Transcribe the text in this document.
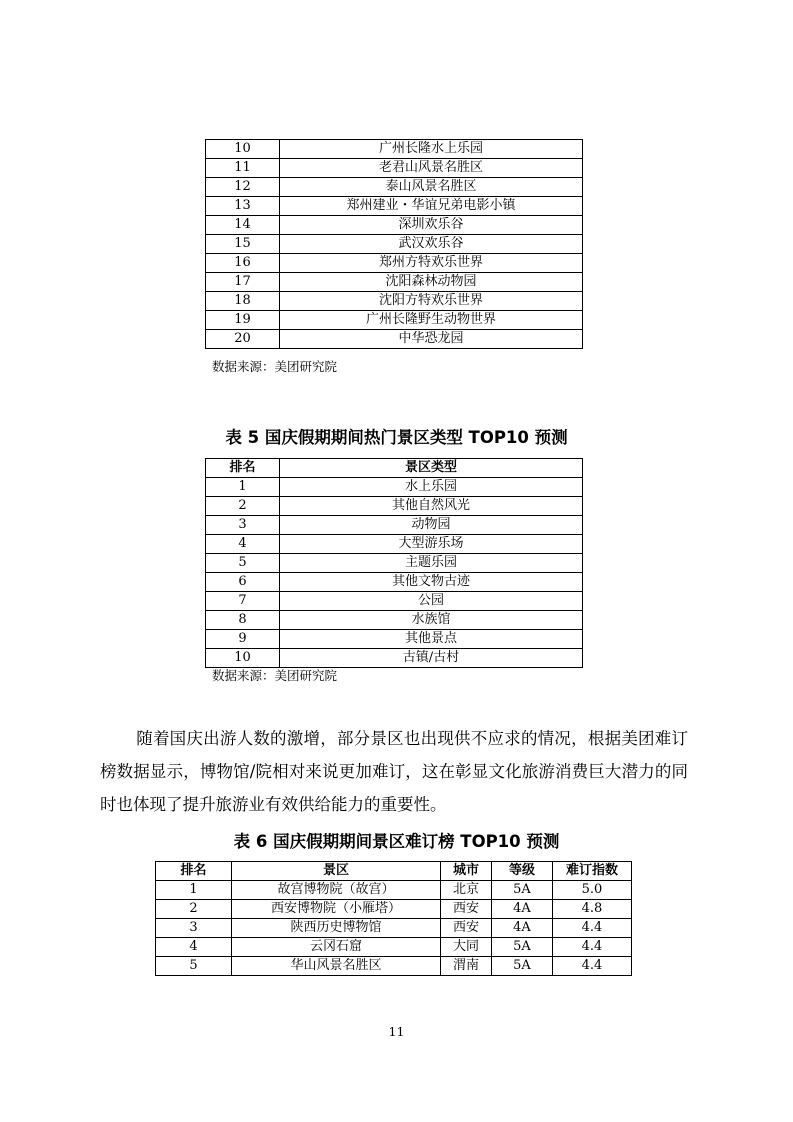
10	广州长隆水上乐园
11	老君山风景名胜区
12	泰山风景名胜区
13	郑州建业・华谊兄弟电影小镇
14	深圳欢乐谷
15	武汉欢乐谷
16	郑州方特欢乐世界
17	沈阳森林动物园
18	沈阳方特欢乐世界
19	广州长隆野生动物世界
20	中华恐龙园
数据来源：美团研究院
表 5 国庆假期期间热门景区类型 TOP10 预测
排名	景区类型
1	水上乐园
2	其他自然风光
3	动物园
4	大型游乐场
5	主题乐园
6	其他文物古迹
7	公园
8	水族馆
9	其他景点
10	古镇/古村
数据来源：美团研究院
随着国庆出游人数的激增，部分景区也出现供不应求的情况，根据美团难订榜数据显示，博物馆/院相对来说更加难订，这在彰显文化旅游消费巨大潜力的同时也体现了提升旅游业有效供给能力的重要性。
表 6 国庆假期期间景区难订榜 TOP10 预测
排名	景区	城市	等级	难订指数
1	故宫博物院（故宫）	北京	5A	5.0
2	西安博物院（小雁塔）	西安	4A	4.8
3	陕西历史博物馆	西安	4A	4.4
4	云冈石窟	大同	5A	4.4
5	华山风景名胜区	渭南	5A	4.4
11
